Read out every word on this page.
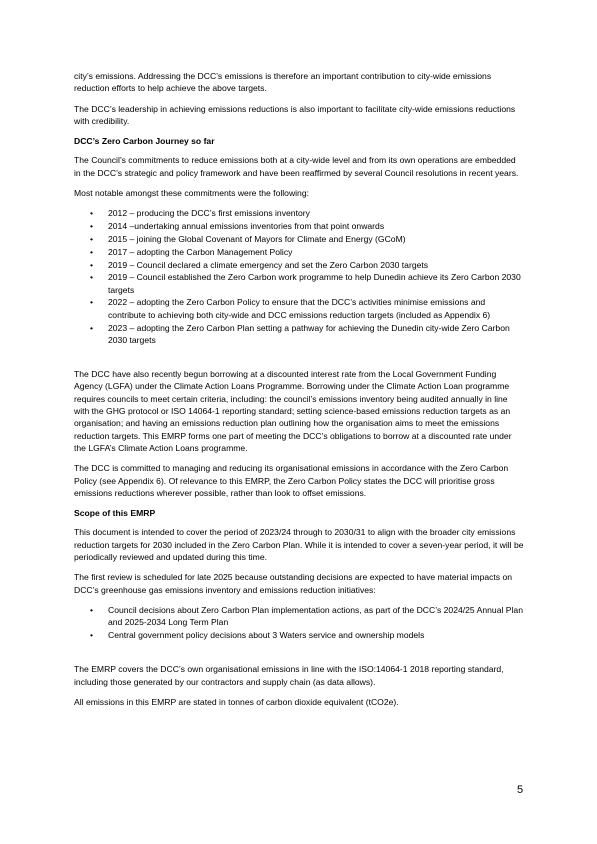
city’s emissions. Addressing the DCC’s emissions is therefore an important contribution to city-wide emissions reduction efforts to help achieve the above targets.

The DCC’s leadership in achieving emissions reductions is also important to facilitate city-wide emissions reductions with credibility.

DCC’s Zero Carbon Journey so far

The Council’s commitments to reduce emissions both at a city-wide level and from its own operations are embedded in the DCC’s strategic and policy framework and have been reaffirmed by several Council resolutions in recent years.

Most notable amongst these commitments were the following:

• 2012 – producing the DCC’s first emissions inventory
• 2014 –undertaking annual emissions inventories from that point onwards
• 2015 – joining the Global Covenant of Mayors for Climate and Energy (GCoM)
• 2017 – adopting the Carbon Management Policy
• 2019 – Council declared a climate emergency and set the Zero Carbon 2030 targets
• 2019 – Council established the Zero Carbon work programme to help Dunedin achieve its Zero Carbon 2030 targets
• 2022 – adopting the Zero Carbon Policy to ensure that the DCC’s activities minimise emissions and contribute to achieving both city-wide and DCC emissions reduction targets (included as Appendix 6)
• 2023 – adopting the Zero Carbon Plan setting a pathway for achieving the Dunedin city-wide Zero Carbon 2030 targets

The DCC have also recently begun borrowing at a discounted interest rate from the Local Government Funding Agency (LGFA) under the Climate Action Loans Programme. Borrowing under the Climate Action Loan programme requires councils to meet certain criteria, including: the council’s emissions inventory being audited annually in line with the GHG protocol or ISO 14064-1 reporting standard; setting science-based emissions reduction targets as an organisation; and having an emissions reduction plan outlining how the organisation aims to meet the emissions reduction targets. This EMRP forms one part of meeting the DCC’s obligations to borrow at a discounted rate under the LGFA’s Climate Action Loans programme.

The DCC is committed to managing and reducing its organisational emissions in accordance with the Zero Carbon Policy (see Appendix 6). Of relevance to this EMRP, the Zero Carbon Policy states the DCC will prioritise gross emissions reductions wherever possible, rather than look to offset emissions.

Scope of this EMRP

This document is intended to cover the period of 2023/24 through to 2030/31 to align with the broader city emissions reduction targets for 2030 included in the Zero Carbon Plan. While it is intended to cover a seven-year period, it will be periodically reviewed and updated during this time.

The first review is scheduled for late 2025 because outstanding decisions are expected to have material impacts on DCC’s greenhouse gas emissions inventory and emissions reduction initiatives:

• Council decisions about Zero Carbon Plan implementation actions, as part of the DCC’s 2024/25 Annual Plan and 2025-2034 Long Term Plan
• Central government policy decisions about 3 Waters service and ownership models

The EMRP covers the DCC’s own organisational emissions in line with the ISO:14064-1 2018 reporting standard, including those generated by our contractors and supply chain (as data allows).

All emissions in this EMRP are stated in tonnes of carbon dioxide equivalent (tCO2e).

5
